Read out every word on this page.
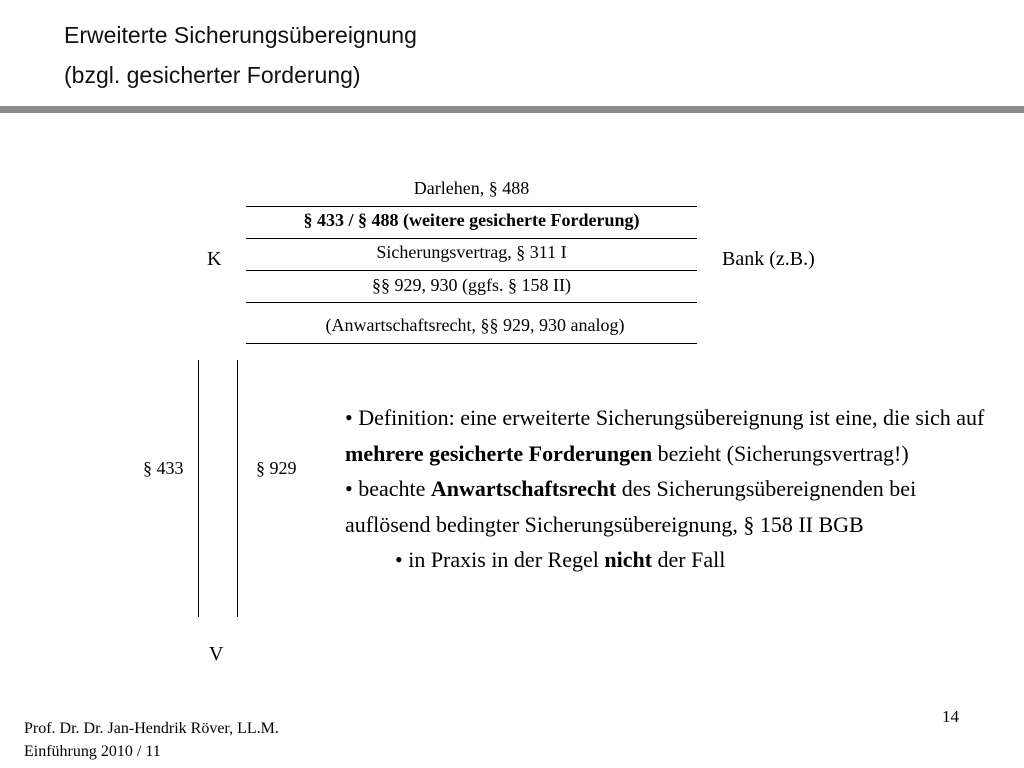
Erweiterte Sicherungsübereignung
(bzgl. gesicherter Forderung)
Darlehen, § 488
§ 433 / § 488 (weitere gesicherte Forderung)
Sicherungsvertrag, § 311 I
§§ 929, 930 (ggfs. § 158 II)
(Anwartschaftsrecht, §§ 929, 930 analog)
K	Bank (z.B.)
V
§ 433	§ 929

• Definition: eine erweiterte Sicherungsübereignung ist eine, die sich auf mehrere gesicherte Forderungen bezieht (Sicherungsvertrag!)

• beachte Anwartschaftsrecht des Sicherungsübereignenden bei auflösend bedingter Sicherungsübereignung, § 158 II BGB

• in Praxis in der Regel nicht der Fall

Prof. Dr. Dr. Jan-Hendrik Röver, LL.M.
Einführung 2010 / 11
14
